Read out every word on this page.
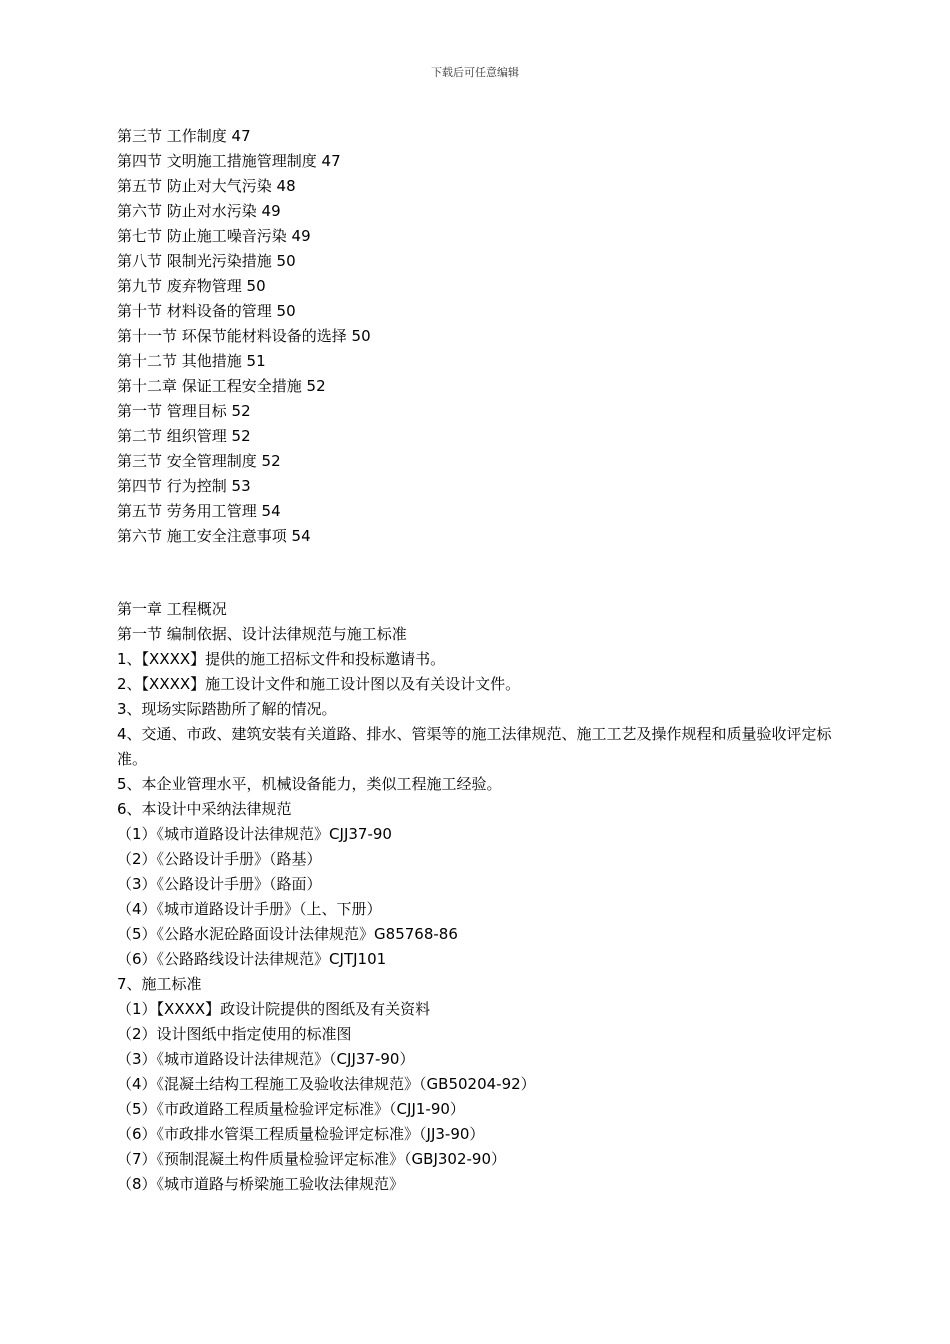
下载后可任意编辑
第三节 工作制度 47
第四节 文明施工措施管理制度 47
第五节 防止对大气污染 48
第六节 防止对水污染 49
第七节 防止施工噪音污染 49
第八节 限制光污染措施 50
第九节 废弃物管理 50
第十节 材料设备的管理 50
第十一节 环保节能材料设备的选择 50
第十二节 其他措施 51
第十二章 保证工程安全措施 52
第一节 管理目标 52
第二节 组织管理 52
第三节 安全管理制度 52
第四节 行为控制 53
第五节 劳务用工管理 54
第六节 施工安全注意事项 54
第一章 工程概况
第一节 编制依据、设计法律规范与施工标准
1、【XXXX】提供的施工招标文件和投标邀请书。
2、【XXXX】施工设计文件和施工设计图以及有关设计文件。
3、现场实际踏勘所了解的情况。
4、交通、市政、建筑安装有关道路、排水、管渠等的施工法律规范、施工工艺及操作规程和质量验收评定标准。
5、本企业管理水平，机械设备能力，类似工程施工经验。
6、本设计中采纳法律规范
（1）《城市道路设计法律规范》CJJ37-90
（2）《公路设计手册》（路基）
（3）《公路设计手册》（路面）
（4）《城市道路设计手册》（上、下册）
（5）《公路水泥砼路面设计法律规范》G85768-86
（6）《公路路线设计法律规范》CJTJ101
7、施工标准
（1）【XXXX】政设计院提供的图纸及有关资料
（2）设计图纸中指定使用的标准图
（3）《城市道路设计法律规范》（CJJ37-90）
（4）《混凝土结构工程施工及验收法律规范》（GB50204-92）
（5）《市政道路工程质量检验评定标准》（CJJ1-90）
（6）《市政排水管渠工程质量检验评定标准》（JJ3-90）
（7）《预制混凝土构件质量检验评定标准》（GBJ302-90）
（8）《城市道路与桥梁施工验收法律规范》
